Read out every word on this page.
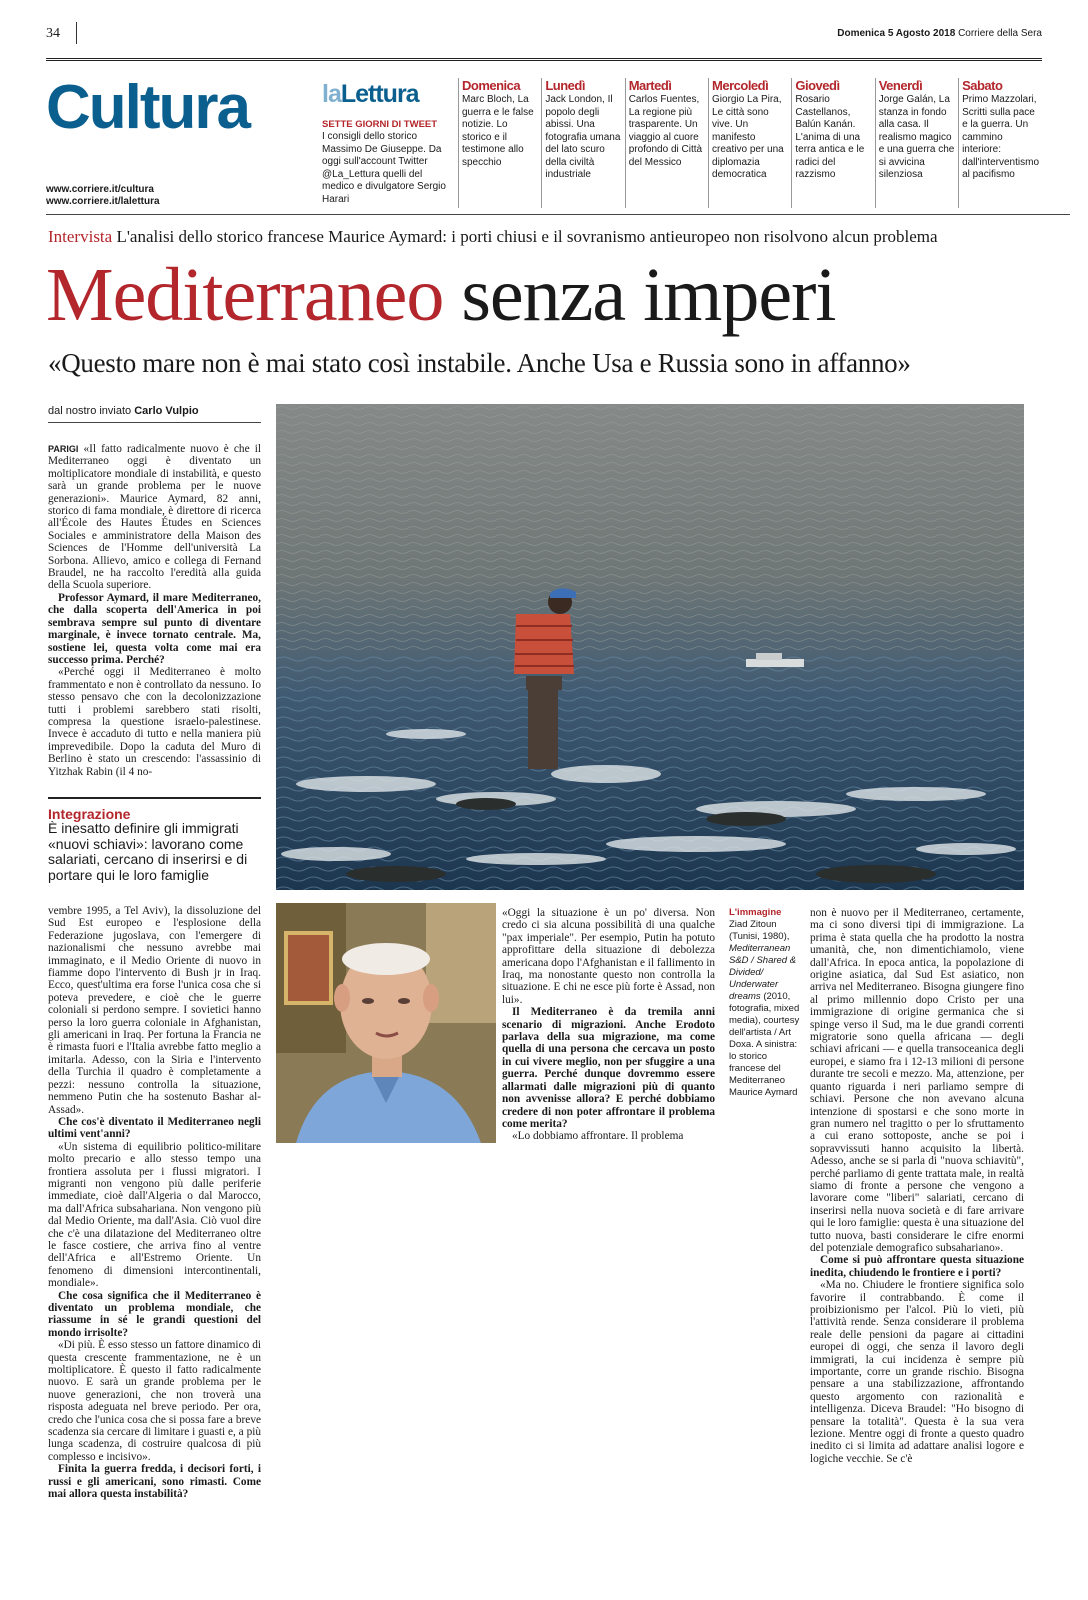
34	Domenica 5 Agosto 2018 Corriere della Sera
Cultura
www.corriere.it/cultura
www.corriere.it/lalettura
laLettura
SETTE GIORNI DI TWEET
I consigli dello storico Massimo De Giuseppe. Da oggi sull'account Twitter @La_Lettura quelli del medico e divulgatore Sergio Harari
Domenica
Marc Bloch, La guerra e le false notizie. Lo storico e il testimone allo specchio
Lunedì
Jack London, Il popolo degli abissi. Una fotografia umana del lato scuro della civiltà industriale
Martedì
Carlos Fuentes, La regione più trasparente. Un viaggio al cuore profondo di Città del Messico
Mercoledì
Giorgio La Pira, Le città sono vive. Un manifesto creativo per una diplomazia democratica
Giovedì
Rosario Castellanos, Balún Kanán. L'anima di una terra antica e le radici del razzismo
Venerdì
Jorge Galán, La stanza in fondo alla casa. Il realismo magico e una guerra che si avvicina silenziosa
Sabato
Primo Mazzolari, Scritti sulla pace e la guerra. Un cammino interiore: dall'interventismo al pacifismo
Intervista L'analisi dello storico francese Maurice Aymard: i porti chiusi e il sovranismo antieuropeo non risolvono alcun problema
Mediterraneo senza imperi
«Questo mare non è mai stato così instabile. Anche Usa e Russia sono in affanno»
dal nostro inviato Carlo Vulpio

PARIGI «Il fatto radicalmente nuovo è che il Mediterraneo oggi è diventato un moltiplicatore mondiale di instabilità, e questo sarà un grande problema per le nuove generazioni». Maurice Aymard, 82 anni, storico di fama mondiale, è direttore di ricerca all'École des Hautes Études en Sciences Sociales e amministratore della Maison des Sciences de l'Homme dell'università La Sorbona. Allievo, amico e collega di Fernand Braudel, ne ha raccolto l'eredità alla guida della Scuola superiore.

Professor Aymard, il mare Mediterraneo, che dalla scoperta dell'America in poi sembrava sempre sul punto di diventare marginale, è invece tornato centrale. Ma, sostiene lei, questa volta come mai era successo prima. Perché?

«Perché oggi il Mediterraneo è molto frammentato e non è controllato da nessuno. Io stesso pensavo che con la decolonizzazione tutti i problemi sarebbero stati risolti, compresa la questione israelo-palestinese. Invece è accaduto di tutto e nella maniera più imprevedibile. Dopo la caduta del Muro di Berlino è stato un crescendo: l'assassinio di Yitzhak Rabin (il 4 no-

Integrazione
È inesatto definire gli immigrati «nuovi schiavi»: lavorano come salariati, cercano di inserirsi e di portare qui le loro famiglie

vembre 1995, a Tel Aviv), la dissoluzione del Sud Est europeo e l'esplosione della Federazione jugoslava, con l'emergere di nazionalismi che nessuno avrebbe mai immaginato, e il Medio Oriente di nuovo in fiamme dopo l'intervento di Bush jr in Iraq. Ecco, quest'ultima era forse l'unica cosa che si poteva prevedere, e cioè che le guerre coloniali si perdono sempre. I sovietici hanno perso la loro guerra coloniale in Afghanistan, gli americani in Iraq. Per fortuna la Francia ne è rimasta fuori e l'Italia avrebbe fatto meglio a imitarla. Adesso, con la Siria e l'intervento della Turchia il quadro è completamente a pezzi: nessuno controlla la situazione, nemmeno Putin che ha sostenuto Bashar al-Assad».

Che cos'è diventato il Mediterraneo negli ultimi vent'anni?

«Un sistema di equilibrio politico-militare molto precario e allo stesso tempo una frontiera assoluta per i flussi migratori. I migranti non vengono più dalle periferie immediate, cioè dall'Algeria o dal Marocco, ma dall'Africa subsahariana. Non vengono più dal Medio Oriente, ma dall'Asia. Ciò vuol dire che c'è una dilatazione del Mediterraneo oltre le fasce costiere, che arriva fino al ventre dell'Africa e all'Estremo Oriente. Un fenomeno di dimensioni intercontinentali, mondiale».

Che cosa significa che il Mediterraneo è diventato un problema mondiale, che riassume in sé le grandi questioni del mondo irrisolte?

«Di più. È esso stesso un fattore dinamico di questa crescente frammentazione, ne è un moltiplicatore. È questo il fatto radicalmente nuovo. E sarà un grande problema per le nuove generazioni, che non troverà una risposta adeguata nel breve periodo. Per ora, credo che l'unica cosa che si possa fare a breve scadenza sia cercare di limitare i guasti e, a più lunga scadenza, di costruire qualcosa di più complesso e incisivo».

Finita la guerra fredda, i decisori forti, i russi e gli americani, sono rimasti. Come mai allora questa instabilità?

«Oggi la situazione è un po' diversa. Non credo ci sia alcuna possibilità di una qualche "pax imperiale". Per esempio, Putin ha potuto approfittare della situazione di debolezza americana dopo l'Afghanistan e il fallimento in Iraq, ma nonostante questo non controlla la situazione. E chi ne esce più forte è Assad, non lui».

Il Mediterraneo è da tremila anni scenario di migrazioni. Anche Erodoto parlava della sua migrazione, ma come quella di una persona che cercava un posto in cui vivere meglio, non per sfuggire a una guerra. Perché dunque dovremmo essere allarmati dalle migrazioni più di quanto non avvenisse allora? E perché dobbiamo credere di non poter affrontare il problema come merita?

«Lo dobbiamo affrontare. Il problema

L'immagine
Ziad Zitoun (Tunisi, 1980),
Mediterranean S&D / Shared & Divided/ Underwater dreams (2010, fotografia, mixed media), courtesy dell'artista / Art Doxa. A sinistra: lo storico francese del Mediterraneo Maurice Aymard

non è nuovo per il Mediterraneo, certamente, ma ci sono diversi tipi di immigrazione. La prima è stata quella che ha prodotto la nostra umanità, che, non dimentichiamolo, viene dall'Africa. In epoca antica, la popolazione di origine asiatica, dal Sud Est asiatico, non arriva nel Mediterraneo. Bisogna giungere fino al primo millennio dopo Cristo per una immigrazione di origine germanica che si spinge verso il Sud, ma le due grandi correnti migratorie sono quella africana — degli schiavi africani — e quella transoceanica degli europei, e siamo fra i 12-13 milioni di persone durante tre secoli e mezzo. Ma, attenzione, per quanto riguarda i neri parliamo sempre di schiavi. Persone che non avevano alcuna intenzione di spostarsi e che sono morte in gran numero nel tragitto o per lo sfruttamento a cui erano sottoposte, anche se poi i sopravvissuti hanno acquisito la libertà. Adesso, anche se si parla di "nuova schiavitù", perché parliamo di gente trattata male, in realtà siamo di fronte a persone che vengono a lavorare come "liberi" salariati, cercano di inserirsi nella nuova società e di fare arrivare qui le loro famiglie: questa è una situazione del tutto nuova, basti considerare le cifre enormi del potenziale demografico subsahariano».

Come si può affrontare questa situazione inedita, chiudendo le frontiere e i porti?

«Ma no. Chiudere le frontiere significa solo favorire il contrabbando. È come il proibizionismo per l'alcol. Più lo vieti, più l'attività rende. Senza considerare il problema reale delle pensioni da pagare ai cittadini europei di oggi, che senza il lavoro degli immigrati, la cui incidenza è sempre più importante, corre un grande rischio. Bisogna pensare a una stabilizzazione, affrontando questo argomento con razionalità e intelligenza. Diceva Braudel: "Ho bisogno di pensare la totalità". Questa è la sua vera lezione. Mentre oggi di fronte a questo quadro inedito ci si limita ad adattare analisi logore e logiche vecchie. Se c'è
